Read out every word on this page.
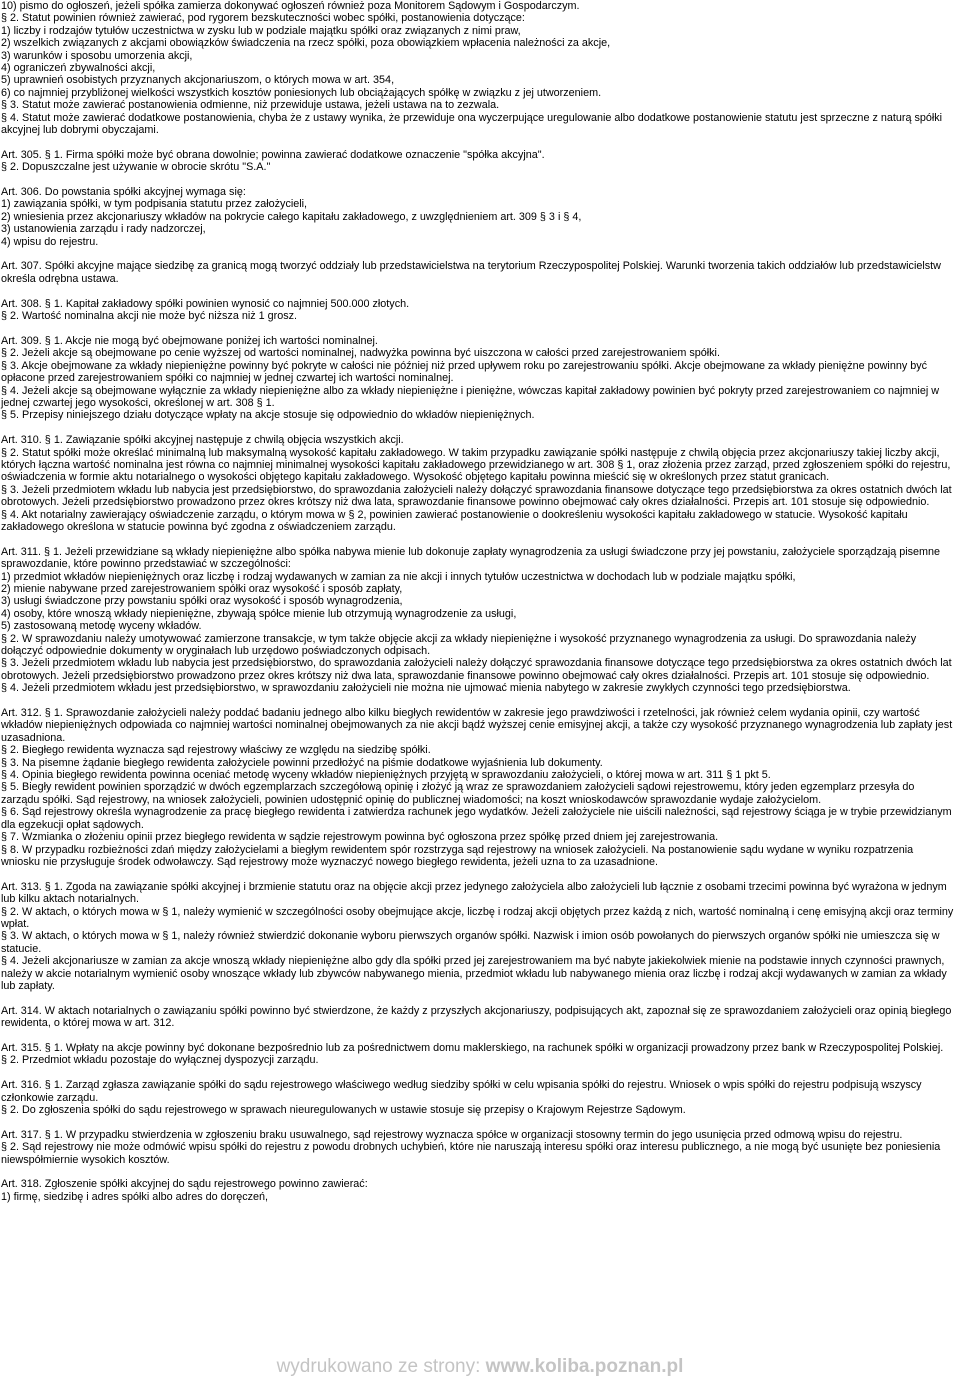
10) pismo do ogłoszeń, jeżeli spółka zamierza dokonywać ogłoszeń również poza Monitorem Sądowym i Gospodarczym.
§ 2. Statut powinien również zawierać, pod rygorem bezskuteczności wobec spółki, postanowienia dotyczące:
1) liczby i rodzajów tytułów uczestnictwa w zysku lub w podziale majątku spółki oraz związanych z nimi praw,
2) wszelkich związanych z akcjami obowiązków świadczenia na rzecz spółki, poza obowiązkiem wpłacenia należności za akcje,
3) warunków i sposobu umorzenia akcji,
4) ograniczeń zbywalności akcji,
5) uprawnień osobistych przyznanych akcjonariuszom, o których mowa w art. 354,
6) co najmniej przybliżonej wielkości wszystkich kosztów poniesionych lub obciążających spółkę w związku z jej utworzeniem.
§ 3. Statut może zawierać postanowienia odmienne, niż przewiduje ustawa, jeżeli ustawa na to zezwala.
§ 4. Statut może zawierać dodatkowe postanowienia, chyba że z ustawy wynika, że przewiduje ona wyczerpujące uregulowanie albo dodatkowe postanowienie statutu jest sprzeczne z naturą spółki akcyjnej lub dobrymi obyczajami.
Art. 305. § 1. Firma spółki może być obrana dowolnie; powinna zawierać dodatkowe oznaczenie "spółka akcyjna".
§ 2. Dopuszczalne jest używanie w obrocie skrótu "S.A."
Art. 306. Do powstania spółki akcyjnej wymaga się:
1) zawiązania spółki, w tym podpisania statutu przez założycieli,
2) wniesienia przez akcjonariuszy wkładów na pokrycie całego kapitału zakładowego, z uwzględnieniem art. 309 § 3 i § 4,
3) ustanowienia zarządu i rady nadzorczej,
4) wpisu do rejestru.
Art. 307. Spółki akcyjne mające siedzibę za granicą mogą tworzyć oddziały lub przedstawicielstwa na terytorium Rzeczypospolitej Polskiej. Warunki tworzenia takich oddziałów lub przedstawicielstw określa odrębna ustawa.
Art. 308. § 1. Kapitał zakładowy spółki powinien wynosić co najmniej 500.000 złotych.
§ 2. Wartość nominalna akcji nie może być niższa niż 1 grosz.
Art. 309. § 1. Akcje nie mogą być obejmowane poniżej ich wartości nominalnej.
§ 2. Jeżeli akcje są obejmowane po cenie wyższej od wartości nominalnej, nadwyżka powinna być uiszczona w całości przed zarejestrowaniem spółki.
§ 3. Akcje obejmowane za wkłady niepieniężne powinny być pokryte w całości nie później niż przed upływem roku po zarejestrowaniu spółki. Akcje obejmowane za wkłady pieniężne powinny być opłacone przed zarejestrowaniem spółki co najmniej w jednej czwartej ich wartości nominalnej.
§ 4. Jeżeli akcje są obejmowane wyłącznie za wkłady niepieniężne albo za wkłady niepieniężne i pieniężne, wówczas kapitał zakładowy powinien być pokryty przed zarejestrowaniem co najmniej w jednej czwartej jego wysokości, określonej w art. 308 § 1.
§ 5. Przepisy niniejszego działu dotyczące wpłaty na akcje stosuje się odpowiednio do wkładów niepieniężnych.
Art. 310. § 1. Zawiązanie spółki akcyjnej następuje z chwilą objęcia wszystkich akcji.
§ 2. Statut spółki może określać minimalną lub maksymalną wysokość kapitału zakładowego. W takim przypadku zawiązanie spółki następuje z chwilą objęcia przez akcjonariuszy takiej liczby akcji, których łączna wartość nominalna jest równa co najmniej minimalnej wysokości kapitału zakładowego przewidzianego w art. 308 § 1, oraz złożenia przez zarząd, przed zgłoszeniem spółki do rejestru, oświadczenia w formie aktu notarialnego o wysokości objętego kapitału zakładowego. Wysokość objętego kapitału powinna mieścić się w określonych przez statut granicach.
§ 3. Jeżeli przedmiotem wkładu lub nabycia jest przedsiębiorstwo, do sprawozdania założycieli należy dołączyć sprawozdania finansowe dotyczące tego przedsiębiorstwa za okres ostatnich dwóch lat obrotowych. Jeżeli przedsiębiorstwo prowadzono przez okres krótszy niż dwa lata, sprawozdanie finansowe powinno obejmować cały okres działalności. Przepis art. 101 stosuje się odpowiednio.
§ 4. Akt notarialny zawierający oświadczenie zarządu, o którym mowa w § 2, powinien zawierać postanowienie o dookreśleniu wysokości kapitału zakładowego w statucie. Wysokość kapitału zakładowego określona w statucie powinna być zgodna z oświadczeniem zarządu.
Art. 311. § 1. Jeżeli przewidziane są wkłady niepieniężne albo spółka nabywa mienie lub dokonuje zapłaty wynagrodzenia za usługi świadczone przy jej powstaniu, założyciele sporządzają pisemne sprawozdanie, które powinno przedstawiać w szczególności:
1) przedmiot wkładów niepieniężnych oraz liczbę i rodzaj wydawanych w zamian za nie akcji i innych tytułów uczestnictwa w dochodach lub w podziale majątku spółki,
2) mienie nabywane przed zarejestrowaniem spółki oraz wysokość i sposób zapłaty,
3) usługi świadczone przy powstaniu spółki oraz wysokość i sposób wynagrodzenia,
4) osoby, które wnoszą wkłady niepieniężne, zbywają spółce mienie lub otrzymują wynagrodzenie za usługi,
5) zastosowaną metodę wyceny wkładów.
§ 2. W sprawozdaniu należy umotywować zamierzone transakcje, w tym także objęcie akcji za wkłady niepieniężne i wysokość przyznanego wynagrodzenia za usługi. Do sprawozdania należy dołączyć odpowiednie dokumenty w oryginałach lub urzędowo poświadczonych odpisach.
§ 3. Jeżeli przedmiotem wkładu lub nabycia jest przedsiębiorstwo, do sprawozdania założycieli należy dołączyć sprawozdania finansowe dotyczące tego przedsiębiorstwa za okres ostatnich dwóch lat obrotowych. Jeżeli przedsiębiorstwo prowadzono przez okres krótszy niż dwa lata, sprawozdanie finansowe powinno obejmować cały okres działalności. Przepis art. 101 stosuje się odpowiednio.
§ 4. Jeżeli przedmiotem wkładu jest przedsiębiorstwo, w sprawozdaniu założycieli nie można nie ujmować mienia nabytego w zakresie zwykłych czynności tego przedsiębiorstwa.
Art. 312. § 1. Sprawozdanie założycieli należy poddać badaniu jednego albo kilku biegłych rewidentów w zakresie jego prawdziwości i rzetelności, jak również celem wydania opinii, czy wartość wkładów niepieniężnych odpowiada co najmniej wartości nominalnej obejmowanych za nie akcji bądź wyższej cenie emisyjnej akcji, a także czy wysokość przyznanego wynagrodzenia lub zapłaty jest uzasadniona.
§ 2. Biegłego rewidenta wyznacza sąd rejestrowy właściwy ze względu na siedzibę spółki.
§ 3. Na pisemne żądanie biegłego rewidenta założyciele powinni przedłożyć na piśmie dodatkowe wyjaśnienia lub dokumenty.
§ 4. Opinia biegłego rewidenta powinna oceniać metodę wyceny wkładów niepieniężnych przyjętą w sprawozdaniu założycieli, o której mowa w art. 311 § 1 pkt 5.
§ 5. Biegły rewident powinien sporządzić w dwóch egzemplarzach szczegółową opinię i złożyć ją wraz ze sprawozdaniem założycieli sądowi rejestrowemu, który jeden egzemplarz przesyła do zarządu spółki. Sąd rejestrowy, na wniosek założycieli, powinien udostępnić opinię do publicznej wiadomości; na koszt wnioskodawców sprawozdanie wydaje założycielom.
§ 6. Sąd rejestrowy określa wynagrodzenie za pracę biegłego rewidenta i zatwierdza rachunek jego wydatków. Jeżeli założyciele nie uiścili należności, sąd rejestrowy ściąga je w trybie przewidzianym dla egzekucji opłat sądowych.
§ 7. Wzmianka o złożeniu opinii przez biegłego rewidenta w sądzie rejestrowym powinna być ogłoszona przez spółkę przed dniem jej zarejestrowania.
§ 8. W przypadku rozbieżności zdań między założycielami a biegłym rewidentem spór rozstrzyga sąd rejestrowy na wniosek założycieli. Na postanowienie sądu wydane w wyniku rozpatrzenia wniosku nie przysługuje środek odwoławczy. Sąd rejestrowy może wyznaczyć nowego biegłego rewidenta, jeżeli uzna to za uzasadnione.
Art. 313. § 1. Zgoda na zawiązanie spółki akcyjnej i brzmienie statutu oraz na objęcie akcji przez jedynego założyciela albo założycieli lub łącznie z osobami trzecimi powinna być wyrażona w jednym lub kilku aktach notarialnych.
§ 2. W aktach, o których mowa w § 1, należy wymienić w szczególności osoby obejmujące akcje, liczbę i rodzaj akcji objętych przez każdą z nich, wartość nominalną i cenę emisyjną akcji oraz terminy wpłat.
§ 3. W aktach, o których mowa w § 1, należy również stwierdzić dokonanie wyboru pierwszych organów spółki. Nazwisk i imion osób powołanych do pierwszych organów spółki nie umieszcza się w statucie.
§ 4. Jeżeli akcjonariusze w zamian za akcje wnoszą wkłady niepieniężne albo gdy dla spółki przed jej zarejestrowaniem ma być nabyte jakiekolwiek mienie na podstawie innych czynności prawnych, należy w akcie notarialnym wymienić osoby wnoszące wkłady lub zbywców nabywanego mienia, przedmiot wkładu lub nabywanego mienia oraz liczbę i rodzaj akcji wydawanych w zamian za wkłady lub zapłaty.
Art. 314. W aktach notarialnych o zawiązaniu spółki powinno być stwierdzone, że każdy z przyszłych akcjonariuszy, podpisujących akt, zapoznał się ze sprawozdaniem założycieli oraz opinią biegłego rewidenta, o której mowa w art. 312.
Art. 315. § 1. Wpłaty na akcje powinny być dokonane bezpośrednio lub za pośrednictwem domu maklerskiego, na rachunek spółki w organizacji prowadzony przez bank w Rzeczypospolitej Polskiej.
§ 2. Przedmiot wkładu pozostaje do wyłącznej dyspozycji zarządu.
Art. 316. § 1. Zarząd zgłasza zawiązanie spółki do sądu rejestrowego właściwego według siedziby spółki w celu wpisania spółki do rejestru. Wniosek o wpis spółki do rejestru podpisują wszyscy członkowie zarządu.
§ 2. Do zgłoszenia spółki do sądu rejestrowego w sprawach nieuregulowanych w ustawie stosuje się przepisy o Krajowym Rejestrze Sądowym.
Art. 317. § 1. W przypadku stwierdzenia w zgłoszeniu braku usuwalnego, sąd rejestrowy wyznacza spółce w organizacji stosowny termin do jego usunięcia przed odmową wpisu do rejestru.
§ 2. Sąd rejestrowy nie może odmówić wpisu spółki do rejestru z powodu drobnych uchybień, które nie naruszają interesu spółki oraz interesu publicznego, a nie mogą być usunięte bez poniesienia niewspółmiernie wysokich kosztów.
Art. 318. Zgłoszenie spółki akcyjnej do sądu rejestrowego powinno zawierać:
1) firmę, siedzibę i adres spółki albo adres do doręczeń,
wydrukowano ze strony: www.koliba.poznan.pl
